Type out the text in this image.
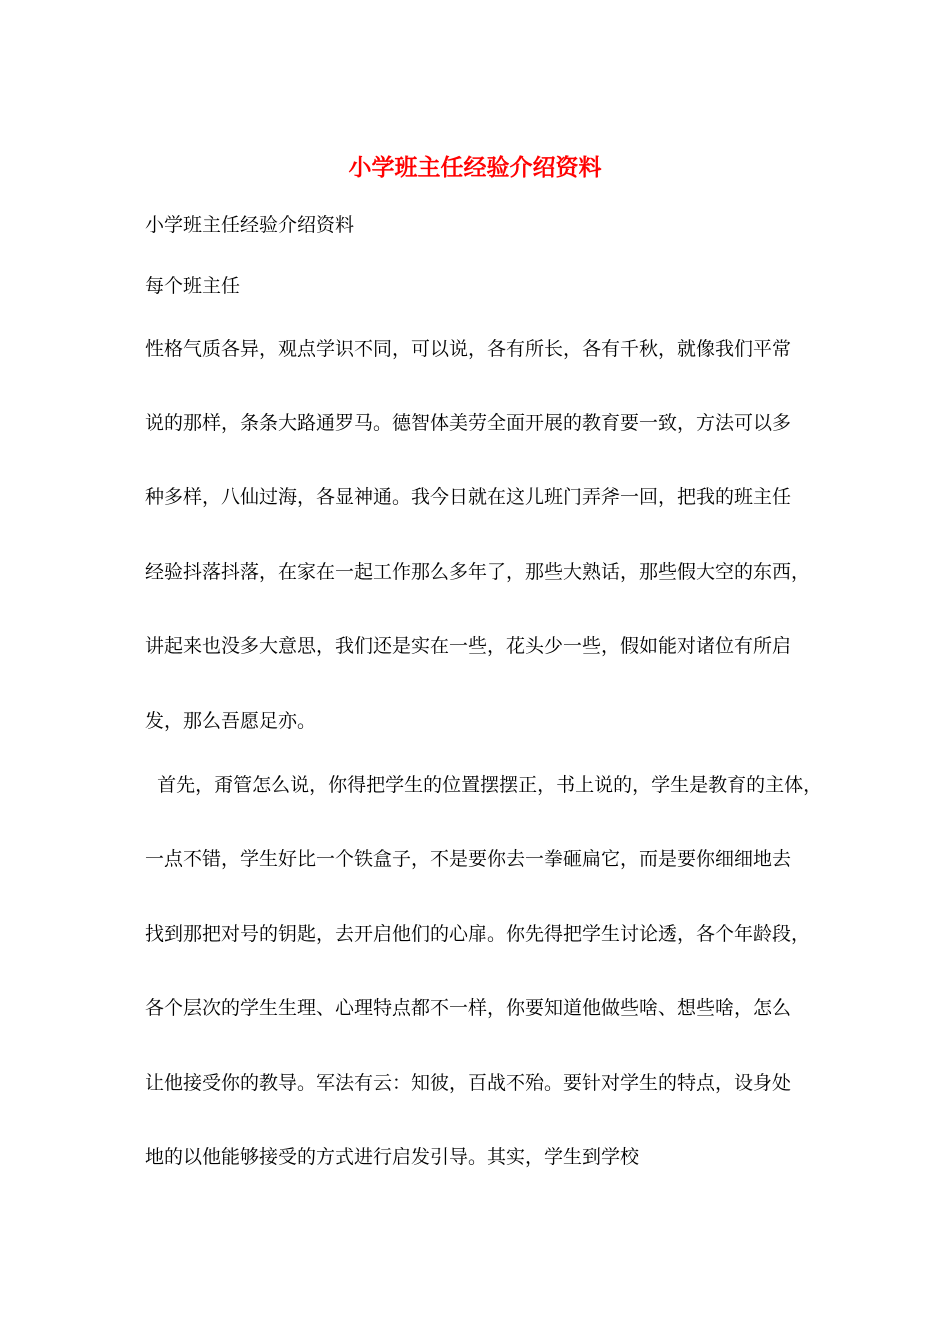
小学班主任经验介绍资料
小学班主任经验介绍资料
每个班主任
性格气质各异，观点学识不同，可以说，各有所长，各有千秋，就像我们平常
说的那样，条条大路通罗马。德智体美劳全面开展的教育要一致，方法可以多
种多样，八仙过海，各显神通。我今日就在这儿班门弄斧一回，把我的班主任
经验抖落抖落，在家在一起工作那么多年了，那些大熟话，那些假大空的东西，
讲起来也没多大意思，我们还是实在一些，花头少一些，假如能对诸位有所启
发，那么吾愿足亦。
首先，甭管怎么说，你得把学生的位置摆摆正，书上说的，学生是教育的主体，
一点不错，学生好比一个铁盒子，不是要你去一拳砸扁它，而是要你细细地去
找到那把对号的钥匙，去开启他们的心扉。你先得把学生讨论透，各个年龄段，
各个层次的学生生理、心理特点都不一样，你要知道他做些啥、想些啥，怎么
让他接受你的教导。军法有云：知彼，百战不殆。要针对学生的特点，设身处
地的以他能够接受的方式进行启发引导。其实，学生到学校
